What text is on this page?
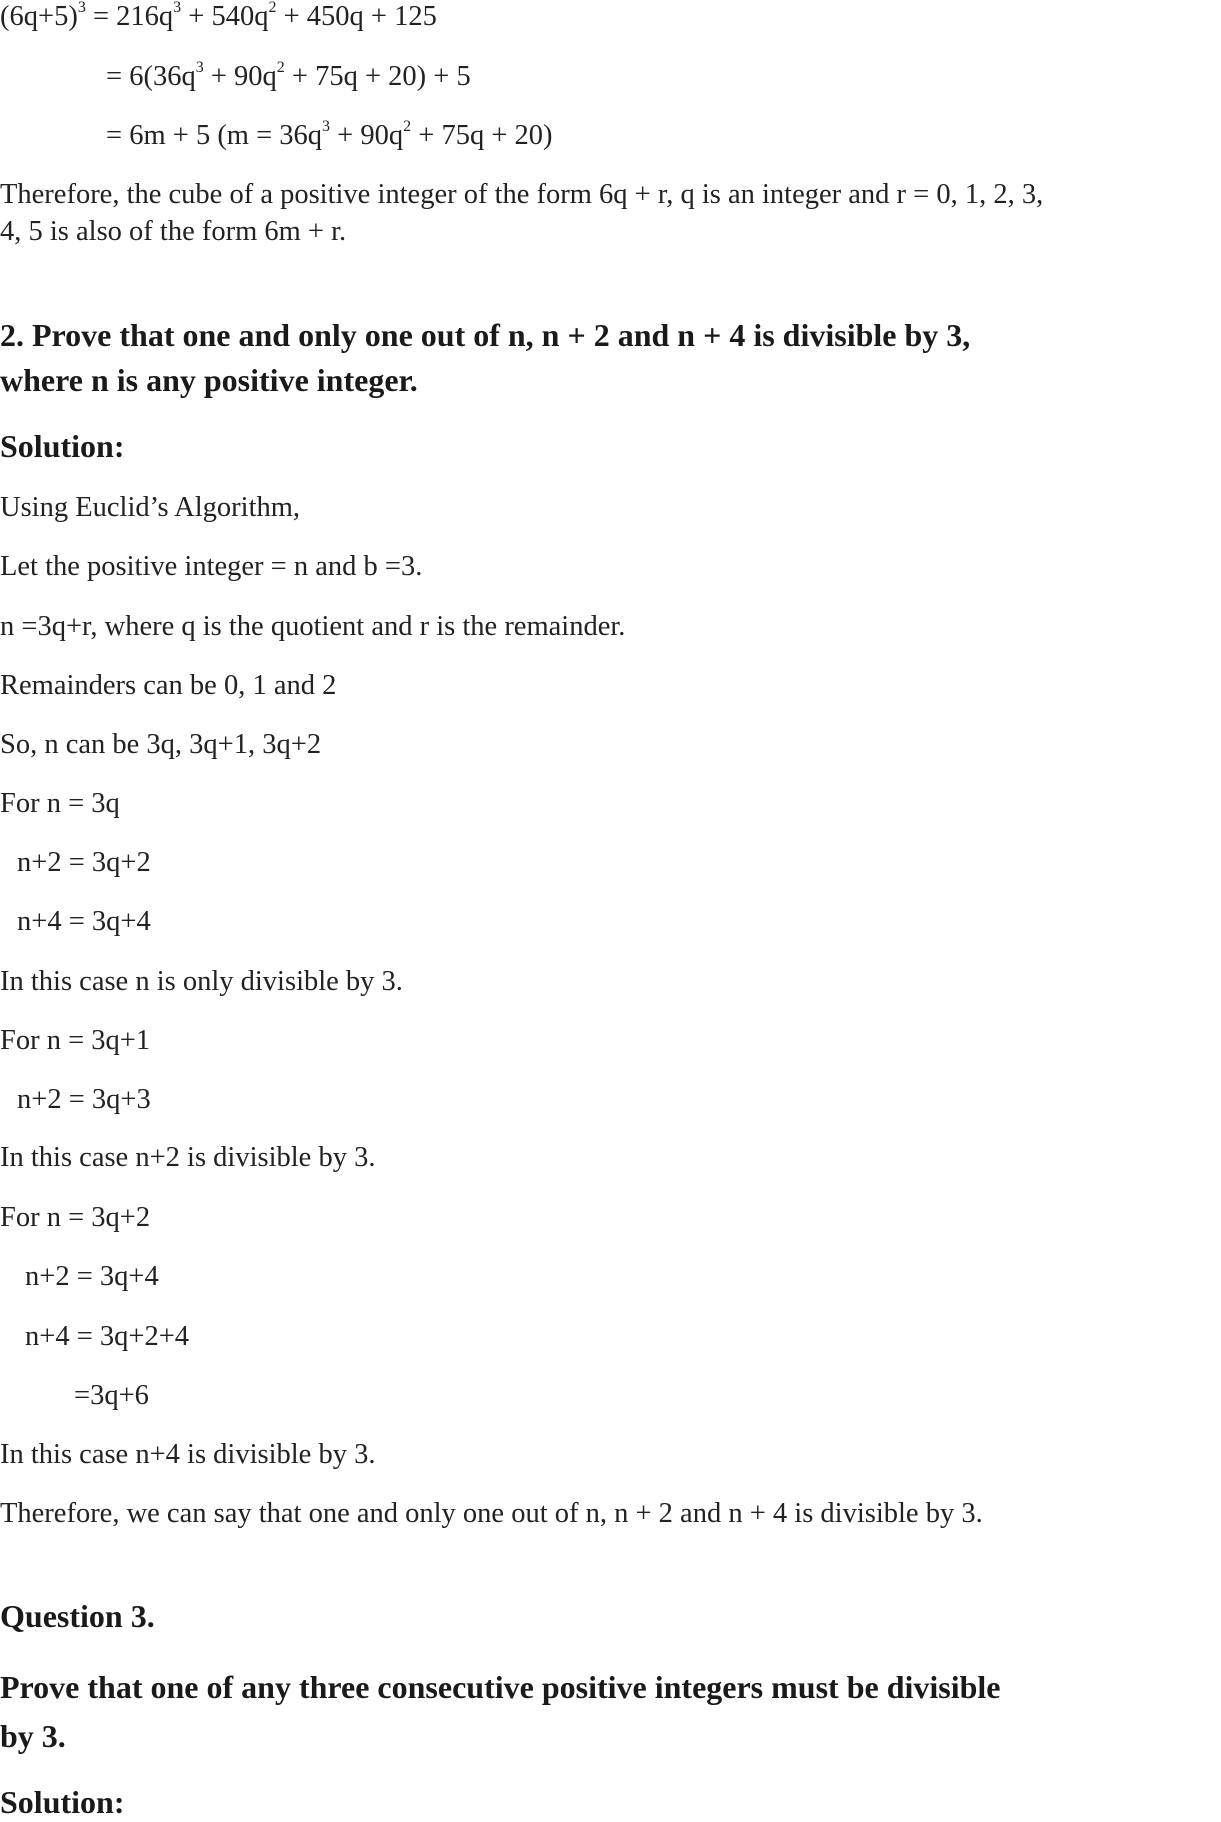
$(6q+5)^3 = 216q^3 + 540q^2 + 450q + 125$
= $6(36q^3 + 90q^2 + 75q + 20) + 5$
= 6m + 5 $(m = 36q^3 + 90q^2 + 75q + 20)$
Therefore, the cube of a positive integer of the form 6q + r, q is an integer and r = 0, 1, 2, 3,
4, 5 is also of the form 6m + r.
2. Prove that one and only one out of n, n + 2 and n + 4 is divisible by 3,
where n is any positive integer.
Solution:
Using Euclid’s Algorithm,
Let the positive integer = n and b =3.
n =3q+r, where q is the quotient and r is the remainder.
Remainders can be 0, 1 and 2
So, n can be 3q, 3q+1, 3q+2
For n = 3q
n+2 = 3q+2
n+4 = 3q+4
In this case n is only divisible by 3.
For n = 3q+1
n+2 = 3q+3
In this case n+2 is divisible by 3.
For n = 3q+2
n+2 = 3q+4
n+4 = 3q+2+4
=3q+6
In this case n+4 is divisible by 3.
Therefore, we can say that one and only one out of n, n + 2 and n + 4 is divisible by 3.
Question 3.
Prove that one of any three consecutive positive integers must be divisible
by 3.
Solution:
